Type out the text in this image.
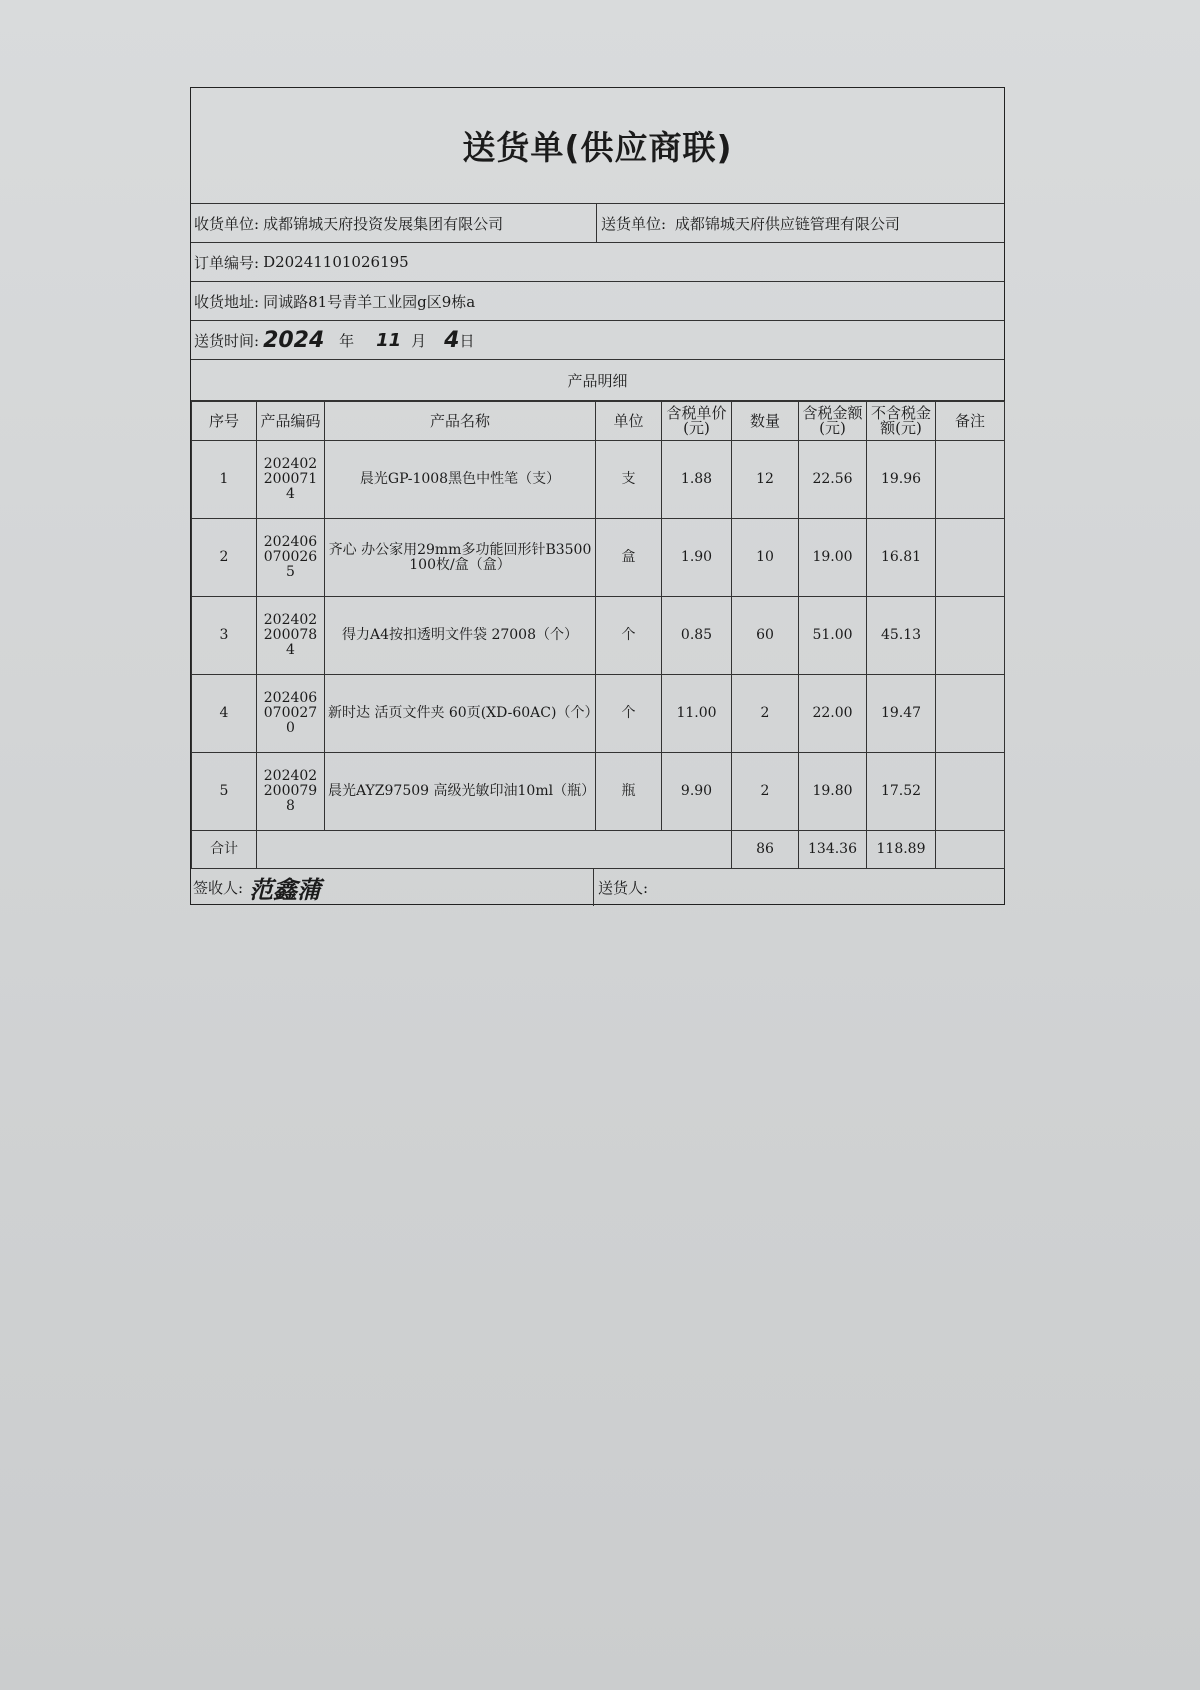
送货单(供应商联)
收货单位: 成都锦城天府投资发展集团有限公司	送货单位: 成都锦城天府供应链管理有限公司
订单编号: D20241101026195
收货地址: 同诚路81号青羊工业园g区9栋a
送货时间: 2024 年 11 月 4 日
产品明细
序号	产品编码	产品名称	单位	含税单价(元)	数量	含税金额(元)	不含税金额(元)	备注
1	2024022000714	晨光GP-1008黑色中性笔（支）	支	1.88	12	22.56	19.96	
2	2024060700265	齐心 办公家用29mm多功能回形针B3500 100枚/盒（盒）	盒	1.90	10	19.00	16.81	
3	2024022000784	得力A4按扣透明文件袋 27008（个）	个	0.85	60	51.00	45.13	
4	2024060700270	新时达 活页文件夹 60页(XD-60AC)（个）	个	11.00	2	22.00	19.47	
5	2024022000798	晨光AYZ97509 高级光敏印油10ml（瓶）	瓶	9.90	2	19.80	17.52	
合计					86	134.36	118.89	
签收人: 范鑫蒲	送货人:
